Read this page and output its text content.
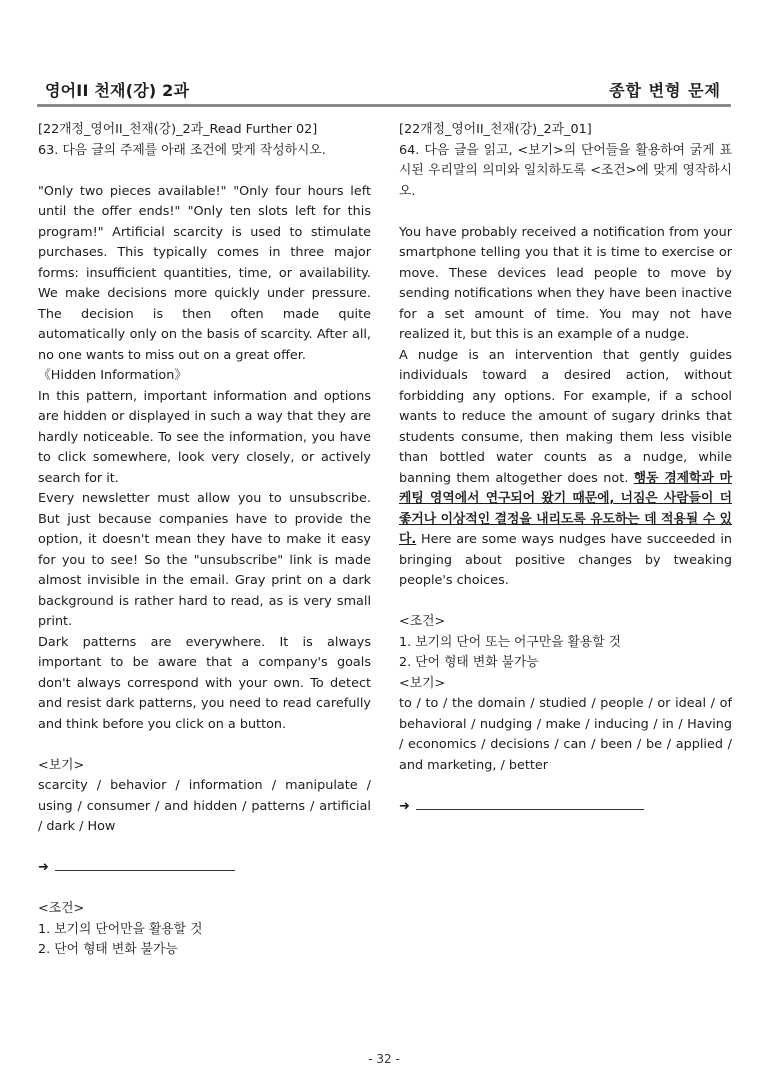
영어II 천재(강) 2과	종합 변형 문제

[22개정_영어II_천재(강)_2과_Read Further 02]

63. 다음 글의 주제를 아래 조건에 맞게 작성하시오.

"Only two pieces available!" "Only four hours left until the offer ends!" "Only ten slots left for this program!" Artificial scarcity is used to stimulate purchases. This typically comes in three major forms: insufficient quantities, time, or availability. We make decisions more quickly under pressure. The decision is then often made quite automatically only on the basis of scarcity. After all, no one wants to miss out on a great offer.

《Hidden Information》

In this pattern, important information and options are hidden or displayed in such a way that they are hardly noticeable. To see the information, you have to click somewhere, look very closely, or actively search for it.

Every newsletter must allow you to unsubscribe. But just because companies have to provide the option, it doesn't mean they have to make it easy for you to see! So the "unsubscribe" link is made almost invisible in the email. Gray print on a dark background is rather hard to read, as is very small print.

Dark patterns are everywhere. It is always important to be aware that a company's goals don't always correspond with your own. To detect and resist dark patterns, you need to read carefully and think before you click on a button.

<보기>

scarcity / behavior / information / manipulate / using / consumer / and hidden / patterns / artificial / dark / How

➜

<조건>

1. 보기의 단어만을 활용할 것

2. 단어 형태 변화 불가능

[22개정_영어II_천재(강)_2과_01]

64. 다음 글을 읽고, <보기>의 단어들을 활용하여 굵게 표시된 우리말의 의미와 일치하도록 <조건>에 맞게 영작하시오.

You have probably received a notification from your smartphone telling you that it is time to exercise or move. These devices lead people to move by sending notifications when they have been inactive for a set amount of time. You may not have realized it, but this is an example of a nudge.

A nudge is an intervention that gently guides individuals toward a desired action, without forbidding any options. For example, if a school wants to reduce the amount of sugary drinks that students consume, then making them less visible than bottled water counts as a nudge, while banning them altogether does not. 행동 경제학과 마케팅 영역에서 연구되어 왔기 때문에, 너짐은 사람들이 더 좋거나 이상적인 결정을 내리도록 유도하는 데 적용될 수 있다. Here are some ways nudges have succeeded in bringing about positive changes by tweaking people's choices.

<조건>

1. 보기의 단어 또는 어구만을 활용할 것

2. 단어 형태 변화 불가능

<보기>

to / to / the domain / studied / people / or ideal / of behavioral / nudging / make / inducing / in / Having / economics / decisions / can / been / be / applied / and marketing, / better

➜

- 32 -
